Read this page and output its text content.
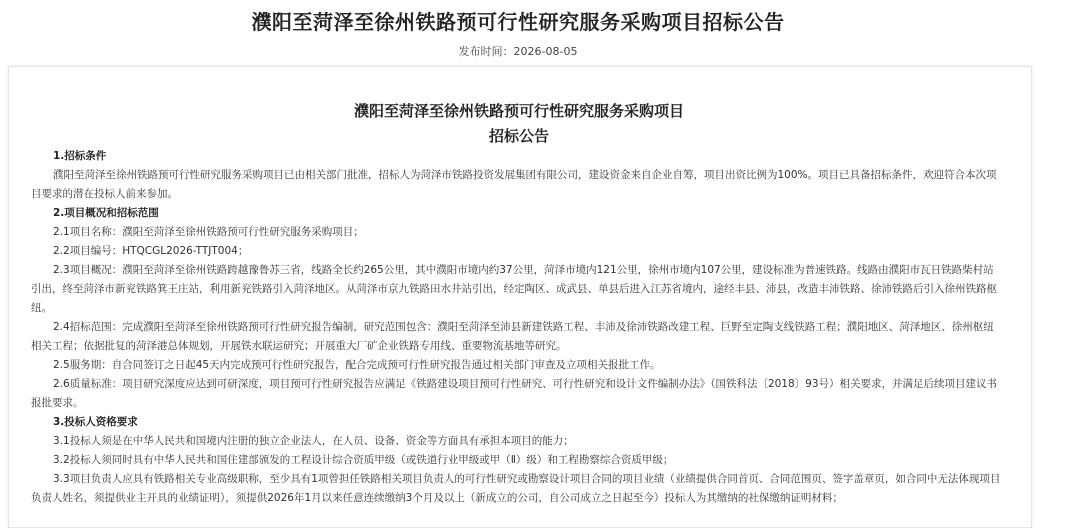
濮阳至菏泽至徐州铁路预可行性研究服务采购项目招标公告
发布时间：2026-08-05
濮阳至菏泽至徐州铁路预可行性研究服务采购项目
招标公告
1.招标条件

濮阳至菏泽至徐州铁路预可行性研究服务采购项目已由相关部门批准，招标人为菏泽市铁路投资发展集团有限公司，建设资金来自企业自筹，项目出资比例为100%。项目已具备招标条件，欢迎符合本次项目要求的潜在投标人前来参加。

2.项目概况和招标范围

2.1项目名称：濮阳至菏泽至徐州铁路预可行性研究服务采购项目；

2.2项目编号：HTQCGL2026-TTJT004；

2.3项目概况：濮阳至菏泽至徐州铁路跨越豫鲁苏三省，线路全长约265公里，其中濮阳市境内约37公里，菏泽市境内121公里，徐州市境内107公里，建设标准为普速铁路。线路由濮阳市瓦日铁路柴村站引出，终至菏泽市新兖铁路箕王庄站，利用新兖铁路引入菏泽地区。从菏泽市京九铁路田水井站引出，经定陶区、成武县、单县后进入江苏省境内，途经丰县、沛县，改造丰沛铁路、徐沛铁路后引入徐州铁路枢纽。

2.4招标范围：完成濮阳至菏泽至徐州铁路预可行性研究报告编制，研究范围包含：濮阳至菏泽至沛县新建铁路工程、丰沛及徐沛铁路改建工程、巨野至定陶支线铁路工程；濮阳地区、菏泽地区、徐州枢纽相关工程；依据批复的菏泽港总体规划，开展铁水联运研究；开展重大厂矿企业铁路专用线、重要物流基地等研究。

2.5服务期：自合同签订之日起45天内完成预可行性研究报告，配合完成预可行性研究报告通过相关部门审查及立项相关报批工作。

2.6质量标准：项目研究深度应达到可研深度，项目预可行性研究报告应满足《铁路建设项目预可行性研究、可行性研究和设计文件编制办法》（国铁科法〔2018〕93号）相关要求，并满足后续项目建议书报批要求。

3.投标人资格要求

3.1投标人须是在中华人民共和国境内注册的独立企业法人，在人员、设备、资金等方面具有承担本项目的能力；

3.2投标人须同时具有中华人民共和国住建部颁发的工程设计综合资质甲级（或铁道行业甲级或甲（Ⅱ）级）和工程勘察综合资质甲级；

3.3项目负责人应具有铁路相关专业高级职称，至少具有1项曾担任铁路相关项目负责人的可行性研究或勘察设计项目合同的项目业绩（业绩提供合同首页、合同范围页、签字盖章页，如合同中无法体现项目负责人姓名，须提供业主开具的业绩证明），须提供2026年1月以来任意连续缴纳3个月及以上（新成立的公司，自公司成立之日起至今）投标人为其缴纳的社保缴纳证明材料；
